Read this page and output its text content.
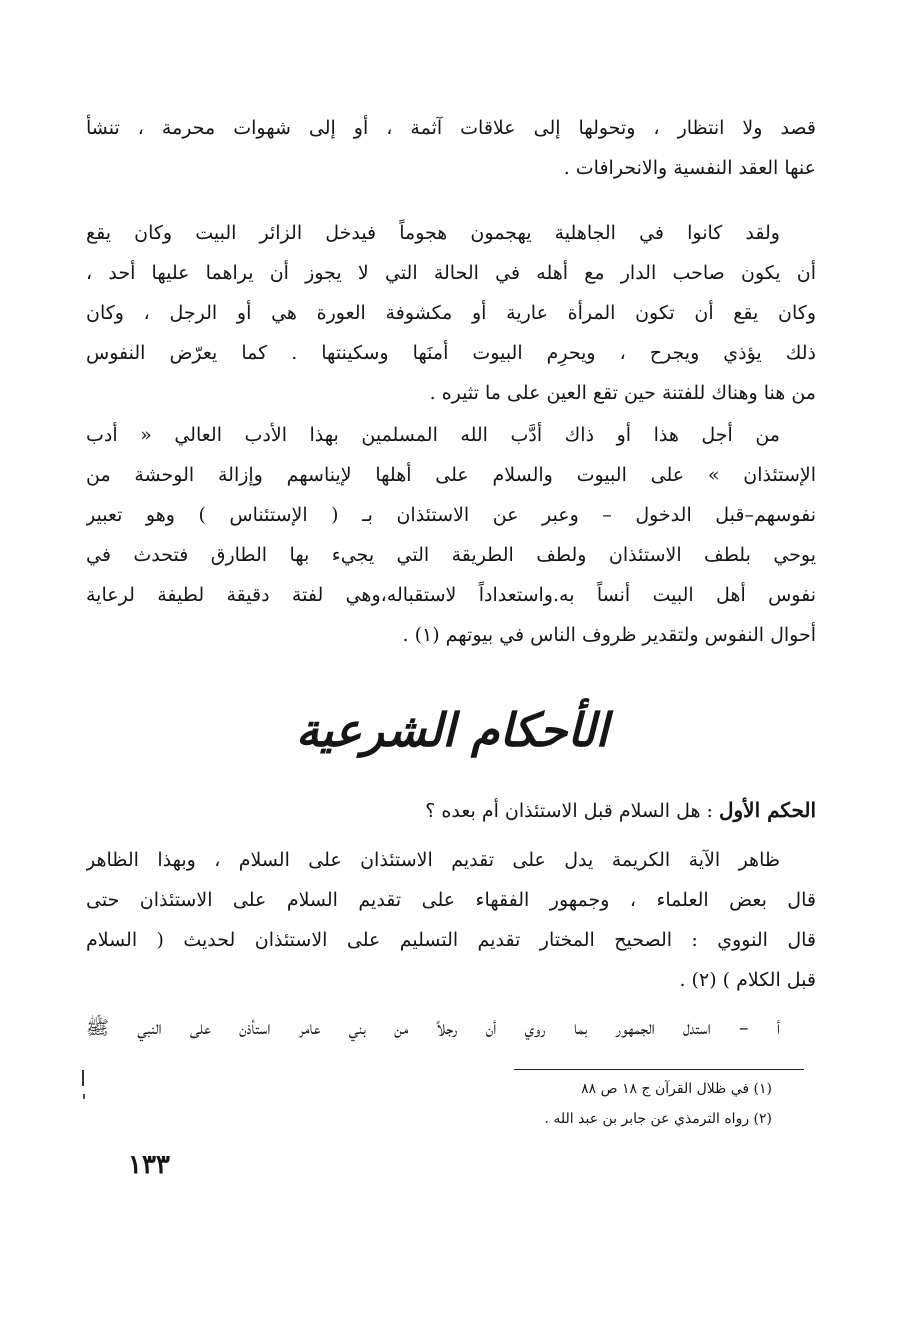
قصد ولا انتظار ، وتحولها إلى علاقات آثمة ، أو إلى شهوات محرمة ، تنشأ
عنها العقد النفسية والانحرافات .
ولقد كانوا في الجاهلية يهجمون هجوماً فيدخل الزائر البيت وكان يقع
أن يكون صاحب الدار مع أهله في الحالة التي لا يجوز أن يراهما عليها أحد ،
وكان يقع أن تكون المرأة عارية أو مكشوفة العورة هي أو الرجل ، وكان
ذلك يؤذي ويجرح ، ويحرِم البيوت أمنَها وسكينتها . كما يعرّض النفوس
من هنا وهناك للفتنة حين تقع العين على ما تثيره .
من أجل هذا أو ذاك أدَّب الله المسلمين بهذا الأدب العالي « أدب
الإستئذان » على البيوت والسلام على أهلها لإيناسهم وإزالة الوحشة من
نفوسهم–قبل الدخول – وعبر عن الاستئذان بـ ( الإستئناس ) وهو تعبير
يوحي بلطف الاستئذان ولطف الطريقة التي يجيء بها الطارق فتحدث في
نفوس أهل البيت أنساً به.واستعداداً لاستقباله،وهي لفتة دقيقة لطيفة لرعاية
أحوال النفوس ولتقدير ظروف الناس في بيوتهم (١) .
الأحكام الشرعية
الحكم الأول : هل السلام قبل الاستئذان أم بعده ؟
ظاهر الآية الكريمة يدل على تقديم الاستئذان على السلام ، وبهذا الظاهر
قال بعض العلماء ، وجمهور الفقهاء على تقديم السلام على الاستئذان حتى
قال النووي : الصحيح المختار تقديم التسليم على الاستئذان لحديث ( السلام
قبل الكلام ) (٢) .
أ – استدل الجمهور بما روي أن رجلاً من بني عامر استأذن على النبي ﷺ
(١) في ظلال القرآن ج ١٨ ص ٨٨
(٢) رواه الترمذي عن جابر بن عبد الله .
١٣٣
